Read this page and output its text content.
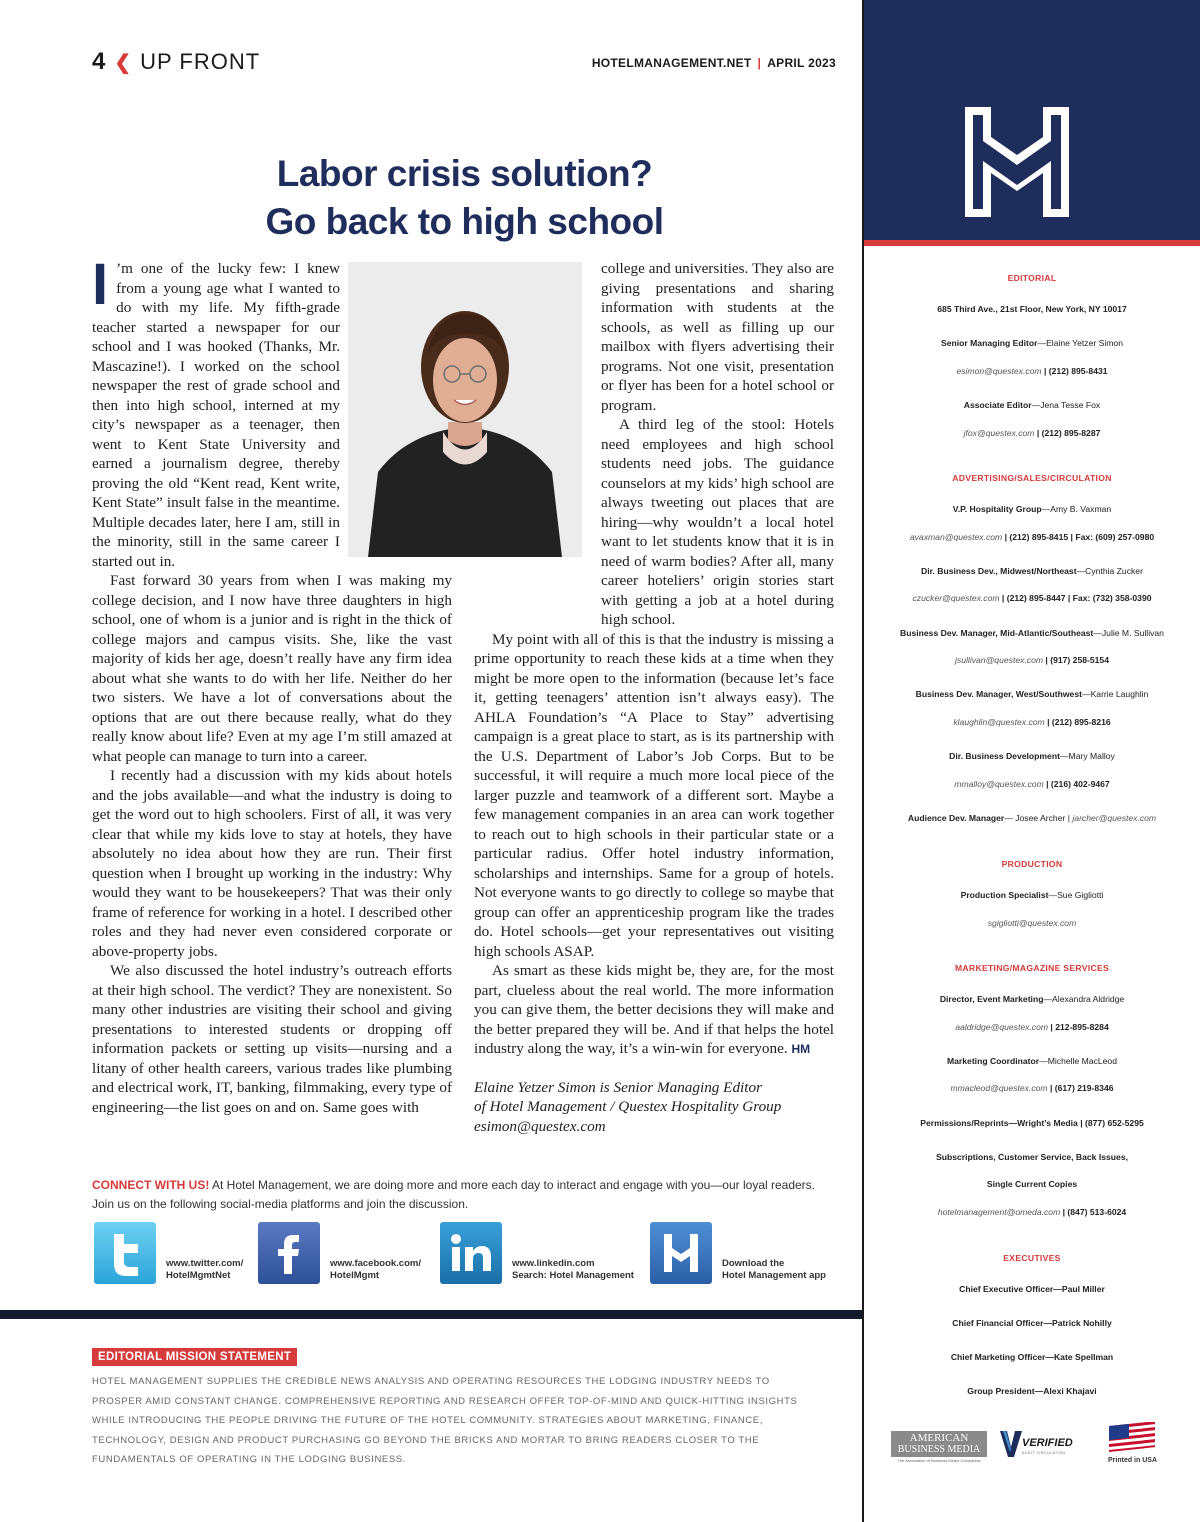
4 ❮ UP FRONT	HOTELMANAGEMENT.NET | APRIL 2023
Labor crisis solution?
Go back to high school

I ’m one of the lucky few: I knew from a young age what I wanted to do with my life. My fifth-grade teacher started a newspaper for our school and I was hooked (Thanks, Mr. Mascazine!). I worked on the school newspaper the rest of grade school and then into high school, interned at my city’s newspaper as a teenager, then went to Kent State University and earned a journalism degree, thereby proving the old “Kent read, Kent write, Kent State” insult false in the meantime. Multiple decades later, here I am, still in the minority, still in the same career I started out in.

Fast forward 30 years from when I was making my college decision, and I now have three daughters in high school, one of whom is a junior and is right in the thick of college majors and campus visits. She, like the vast majority of kids her age, doesn’t really have any firm idea about what she wants to do with her life. Neither do her two sisters. We have a lot of conversations about the options that are out there because really, what do they really know about life? Even at my age I’m still amazed at what people can manage to turn into a career.

I recently had a discussion with my kids about hotels and the jobs available—and what the industry is doing to get the word out to high schoolers. First of all, it was very clear that while my kids love to stay at hotels, they have absolutely no idea about how they are run. Their first question when I brought up working in the industry: Why would they want to be housekeepers? That was their only frame of reference for working in a hotel. I described other roles and they had never even considered corporate or above-property jobs.

We also discussed the hotel industry’s outreach efforts at their high school. The verdict? They are nonexistent. So many other industries are visiting their school and giving presentations to interested students or dropping off information packets or setting up visits—nursing and a litany of other health careers, various trades like plumbing and electrical work, IT, banking, filmmaking, every type of engineering—the list goes on and on. Same goes with

college and universities. They also are giving presentations and sharing information with students at the schools, as well as filling up our mailbox with flyers advertising their programs. Not one visit, presentation or flyer has been for a hotel school or program.

A third leg of the stool: Hotels need employees and high school students need jobs. The guidance counselors at my kids’ high school are always tweeting out places that are hiring—why wouldn’t a local hotel want to let students know that it is in need of warm bodies? After all, many career hoteliers’ origin stories start with getting a job at a hotel during high school.

My point with all of this is that the industry is missing a prime opportunity to reach these kids at a time when they might be more open to the information (because let’s face it, getting teenagers’ attention isn’t always easy). The AHLA Foundation’s “A Place to Stay” advertising campaign is a great place to start, as is its partnership with the U.S. Department of Labor’s Job Corps. But to be successful, it will require a much more local piece of the larger puzzle and teamwork of a different sort. Maybe a few management companies in an area can work together to reach out to high schools in their particular state or a particular radius. Offer hotel industry information, scholarships and internships. Same for a group of hotels. Not everyone wants to go directly to college so maybe that group can offer an apprenticeship program like the trades do. Hotel schools—get your representatives out visiting high schools ASAP.

As smart as these kids might be, they are, for the most part, clueless about the real world. The more information you can give them, the better decisions they will make and the better prepared they will be. And if that helps the hotel industry along the way, it’s a win-win for everyone. HM

Elaine Yetzer Simon is Senior Managing Editor
of Hotel Management / Questex Hospitality Group
esimon@questex.com
CONNECT WITH US! At Hotel Management, we are doing more and more each day to interact and engage with you—our loyal readers. Join us on the following social-media platforms and join the discussion.
www.twitter.com/
HotelMgmtNet
www.facebook.com/
HotelMgmt
www.linkedin.com
Search: Hotel Management
Download the
Hotel Management app
EDITORIAL MISSION STATEMENT
HOTEL MANAGEMENT SUPPLIES THE CREDIBLE NEWS ANALYSIS AND OPERATING RESOURCES THE LODGING INDUSTRY NEEDS TO PROSPER AMID CONSTANT CHANGE. COMPREHENSIVE REPORTING AND RESEARCH OFFER TOP-OF-MIND AND QUICK-HITTING INSIGHTS WHILE INTRODUCING THE PEOPLE DRIVING THE FUTURE OF THE HOTEL COMMUNITY. STRATEGIES ABOUT MARKETING, FINANCE, TECHNOLOGY, DESIGN AND PRODUCT PURCHASING GO BEYOND THE BRICKS AND MORTAR TO BRING READERS CLOSER TO THE FUNDAMENTALS OF OPERATING IN THE LODGING BUSINESS.
EDITORIAL
685 Third Ave., 21st Floor, New York, NY 10017
Senior Managing Editor—Elaine Yetzer Simon
esimon@questex.com | (212) 895-8431
Associate Editor—Jena Tesse Fox
jfox@questex.com | (212) 895-8287
ADVERTISING/SALES/CIRCULATION
V.P. Hospitality Group—Amy B. Vaxman
avaxman@questex.com | (212) 895-8415 | Fax: (609) 257-0980
Dir. Business Dev., Midwest/Northeast—Cynthia Zucker
czucker@questex.com | (212) 895-8447 | Fax: (732) 358-0390
Business Dev. Manager, Mid-Atlantic/Southeast—Julie M. Sullivan
jsullivan@questex.com | (917) 258-5154
Business Dev. Manager, West/Southwest—Karrie Laughlin
klaughlin@questex.com | (212) 895-8216
Dir. Business Development—Mary Malloy
mmalloy@questex.com | (216) 402-9467
Audience Dev. Manager— Josee Archer | jarcher@questex.com
PRODUCTION
Production Specialist—Sue Gigliotti
sgigliotti@questex.com
MARKETING/MAGAZINE SERVICES
Director, Event Marketing—Alexandra Aldridge
aaldridge@questex.com | 212-895-8284
Marketing Coordinator—Michelle MacLeod
mmacleod@questex.com | (617) 219-8346
Permissions/Reprints—Wright’s Media | (877) 652-5295
Subscriptions, Customer Service, Back Issues,
Single Current Copies
hotelmanagement@omeda.com | (847) 513-6024
EXECUTIVES
Chief Executive Officer—Paul Miller
Chief Financial Officer—Patrick Nohilly
Chief Marketing Officer—Kate Spellman
Group President—Alexi Khajavi
AMERICAN
BUSINESS MEDIA
The Association of Business Media Companies
VERIFIED
AUDIT CIRCULATION
Printed in USA
